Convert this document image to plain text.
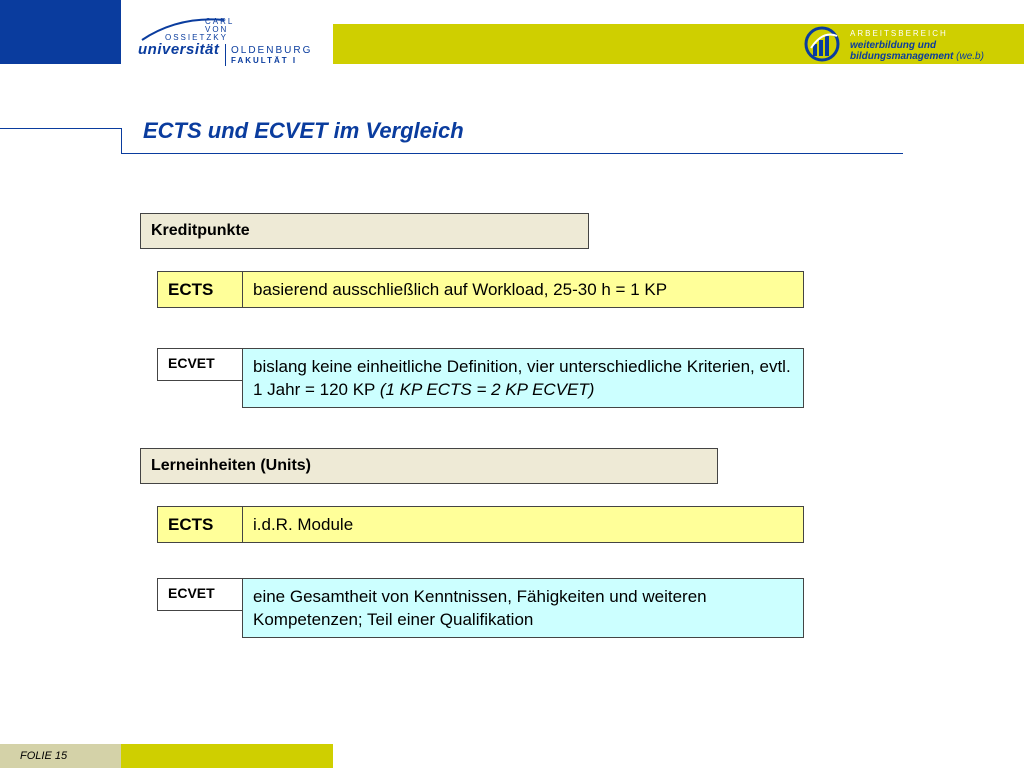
CARL
VON
OSSIETZKY
universität OLDENBURG
FAKULTÄT I
ARBEITSBEREICH
weiterbildung und
bildungsmanagement (we.b)
ECTS und ECVET im Vergleich
Kreditpunkte
ECTS	basierend ausschließlich auf Workload, 25-30 h = 1 KP
ECVET	bislang keine einheitliche Definition, vier unterschiedliche Kriterien, evtl. 1 Jahr = 120 KP (1 KP ECTS = 2 KP ECVET)
Lerneinheiten (Units)
ECTS	i.d.R. Module
ECVET	eine Gesamtheit von Kenntnissen, Fähigkeiten und weiteren Kompetenzen; Teil einer Qualifikation
FOLIE 15
